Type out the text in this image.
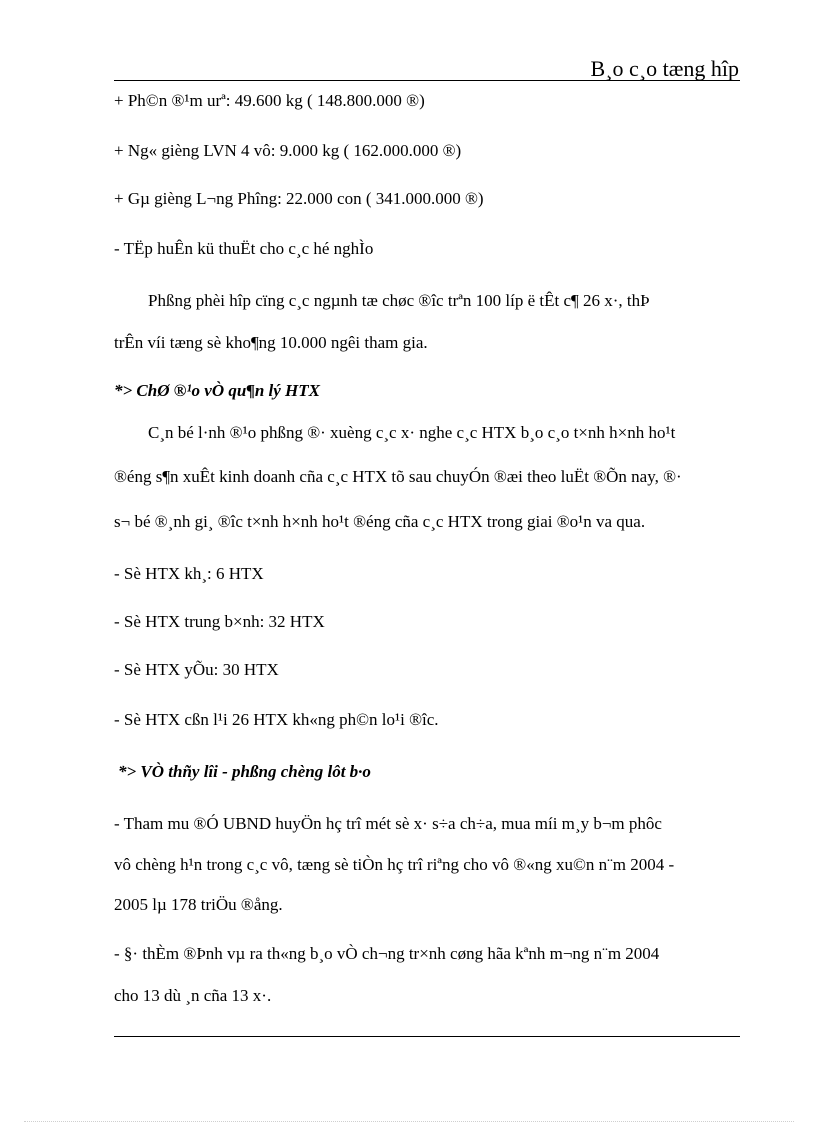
B¸o c¸o tæng hîp
+ Ph©n ®¹m urª: 49.600 kg ( 148.800.000 ®)
+ Ng« gièng LVN 4 vô: 9.000 kg ( 162.000.000 ®)
+ Gµ gièng L¬ng Phîng: 22.000 con ( 341.000.000 ®)
- TËp huÊn kü thuËt cho c¸c hé nghÌo
Phßng phèi hîp cïng c¸c ngµnh tæ chøc ®îc trªn 100 líp ë tÊt c¶ 26 x·, thÞ
trÊn víi tæng sè kho¶ng 10.000 ngêi tham gia.
*> ChØ ®¹o vÒ qu¶n lý HTX
C¸n bé l·nh ®¹o phßng ®· xuèng c¸c x· nghe c¸c HTX b¸o c¸o t×nh h×nh ho¹t
®éng s¶n xuÊt kinh doanh cña c¸c HTX tõ sau chuyÓn ®æi theo luËt ®Õn nay, ®·
s¬ bé ®¸nh gi¸ ®îc t×nh h×nh ho¹t ®éng cña c¸c HTX trong giai ®o¹n va qua.
- Sè HTX kh¸: 6 HTX
- Sè HTX trung b×nh: 32 HTX
- Sè HTX yÕu: 30 HTX
- Sè HTX cßn l¹i 26 HTX kh«ng ph©n lo¹i ®îc.
*> VÒ thñy lîi - phßng chèng lôt b·o
- Tham mu ®Ó UBND huyÖn hç trî mét sè x· s÷a ch÷a, mua míi m¸y b¬m phôc
vô chèng h¹n trong c¸c vô, tæng sè tiÒn hç trî riªng cho vô ®«ng xu©n n¨m 2004 -
2005 lµ 178 triÖu ®ång.
- §· thÈm ®Þnh vµ ra th«ng b¸o vÒ ch¬ng tr×nh cøng hãa kªnh m¬ng n¨m 2004
cho 13 dù ¸n cña 13 x·.
